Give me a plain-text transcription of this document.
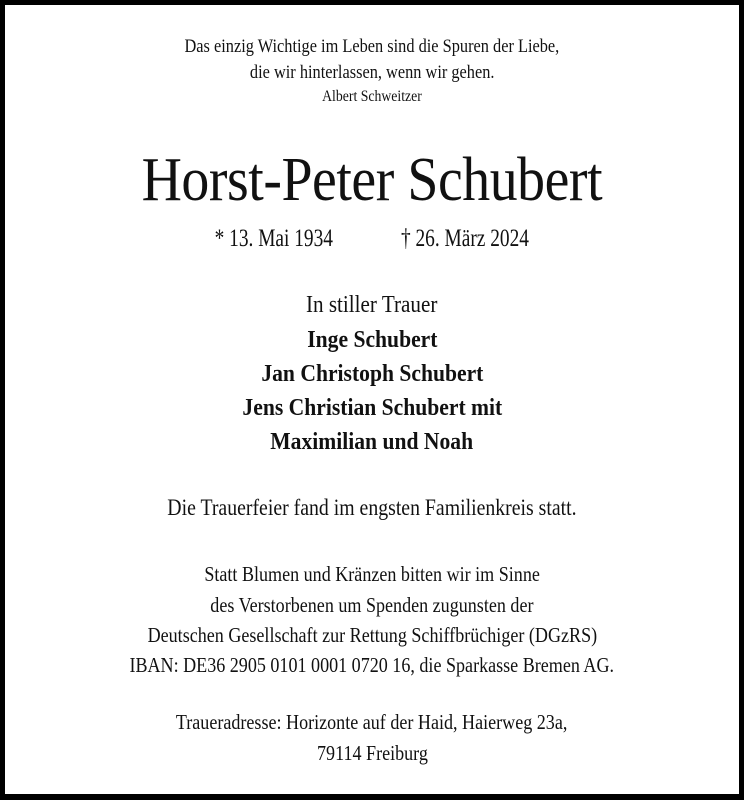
Das einzig Wichtige im Leben sind die Spuren der Liebe,
die wir hinterlassen, wenn wir gehen.
Albert Schweitzer
Horst-Peter Schubert
* 13. Mai 1934	† 26. März 2024
In stiller Trauer
Inge Schubert
Jan Christoph Schubert
Jens Christian Schubert mit
Maximilian und Noah
Die Trauerfeier fand im engsten Familienkreis statt.
Statt Blumen und Kränzen bitten wir im Sinne
des Verstorbenen um Spenden zugunsten der
Deutschen Gesellschaft zur Rettung Schiffbrüchiger (DGzRS)
IBAN: DE36 2905 0101 0001 0720 16, die Sparkasse Bremen AG.
Traueradresse: Horizonte auf der Haid, Haierweg 23a,
79114 Freiburg
